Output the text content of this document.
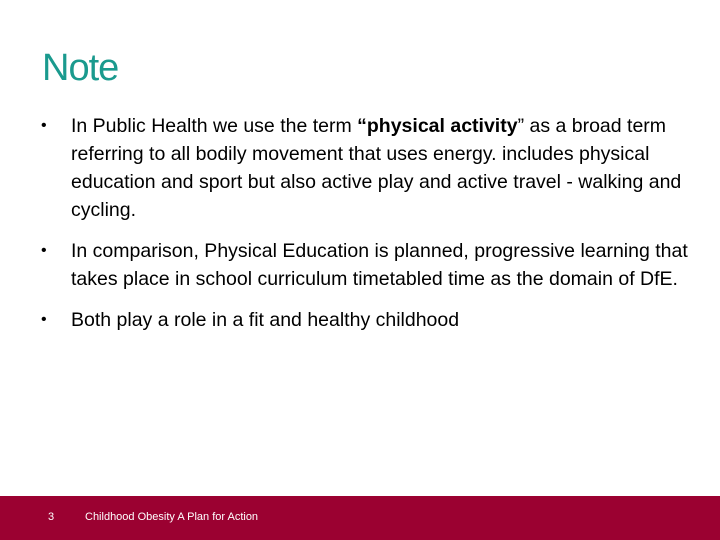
Note
• In Public Health we use the term “physical activity” as a broad term referring to all bodily movement that uses energy. includes physical education and sport but also active play and active travel - walking and cycling.
• In comparison, Physical Education is planned, progressive learning that takes place in school curriculum timetabled time as the domain of DfE.
• Both play a role in a fit and healthy childhood
3	Childhood Obesity A Plan for Action
